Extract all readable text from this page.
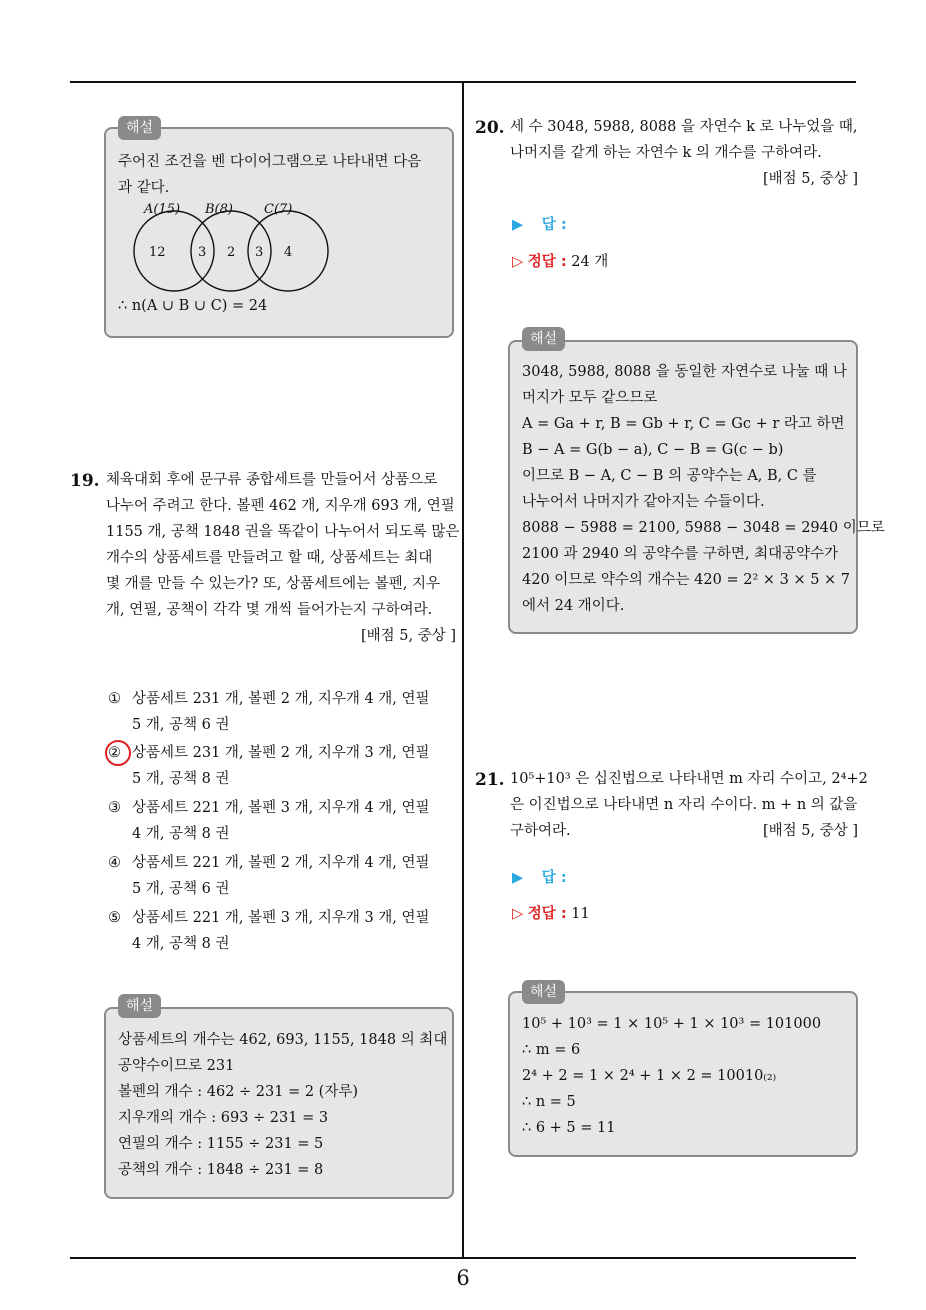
주어진 조건을 벤 다이어그램으로 나타내면 다음
과 같다.
A(15) B(8) C(7)
12 3 2 3 4
∴ n(A ∪ B ∪ C) = 24
해설
19. 체육대회 후에 문구류 종합세트를 만들어서 상품으로
나누어 주려고 한다. 볼펜 462 개, 지우개 693 개, 연필
1155 개, 공책 1848 권을 똑같이 나누어서 되도록 많은
개수의 상품세트를 만들려고 할 때, 상품세트는 최대
몇 개를 만들 수 있는가? 또, 상품세트에는 볼펜, 지우
개, 연필, 공책이 각각 몇 개씩 들어가는지 구하여라.
[배점 5, 중상 ]
① 상품세트 231 개, 볼펜 2 개, 지우개 4 개, 연필
5 개, 공책 6 권
② 상품세트 231 개, 볼펜 2 개, 지우개 3 개, 연필
5 개, 공책 8 권
③ 상품세트 221 개, 볼펜 3 개, 지우개 4 개, 연필
4 개, 공책 8 권
④ 상품세트 221 개, 볼펜 2 개, 지우개 4 개, 연필
5 개, 공책 6 권
⑤ 상품세트 221 개, 볼펜 3 개, 지우개 3 개, 연필
4 개, 공책 8 권
상품세트의 개수는 462, 693, 1155, 1848 의 최대
공약수이므로 231
볼펜의 개수 : 462 ÷ 231 = 2 (자루)
지우개의 개수 : 693 ÷ 231 = 3
연필의 개수 : 1155 ÷ 231 = 5
공책의 개수 : 1848 ÷ 231 = 8
해설
20. 세 수 3048, 5988, 8088 을 자연수 k 로 나누었을 때,
나머지를 같게 하는 자연수 k 의 개수를 구하여라.
[배점 5, 중상 ]
▶ 답 :
▷ 정답 : 24 개
3048, 5988, 8088 을 동일한 자연수로 나눌 때 나
머지가 모두 같으므로
A = Ga + r, B = Gb + r, C = Gc + r 라고 하면
B − A = G(b − a), C − B = G(c − b)
이므로 B − A, C − B 의 공약수는 A, B, C 를
나누어서 나머지가 같아지는 수들이다.
8088 − 5988 = 2100, 5988 − 3048 = 2940 이므로
2100 과 2940 의 공약수를 구하면, 최대공약수가
420 이므로 약수의 개수는 420 = 2² × 3 × 5 × 7
에서 24 개이다.
해설
21. 10⁵+10³ 은 십진법으로 나타내면 m 자리 수이고, 2⁴+2
은 이진법으로 나타내면 n 자리 수이다. m + n 의 값을
구하여라.	[배점 5, 중상 ]
▶ 답 :
▷ 정답 : 11
10⁵ + 10³ = 1 × 10⁵ + 1 × 10³ = 101000
∴ m = 6
2⁴ + 2 = 1 × 2⁴ + 1 × 2 = 10010₍₂₎
∴ n = 5
∴ 6 + 5 = 11
해설
6
